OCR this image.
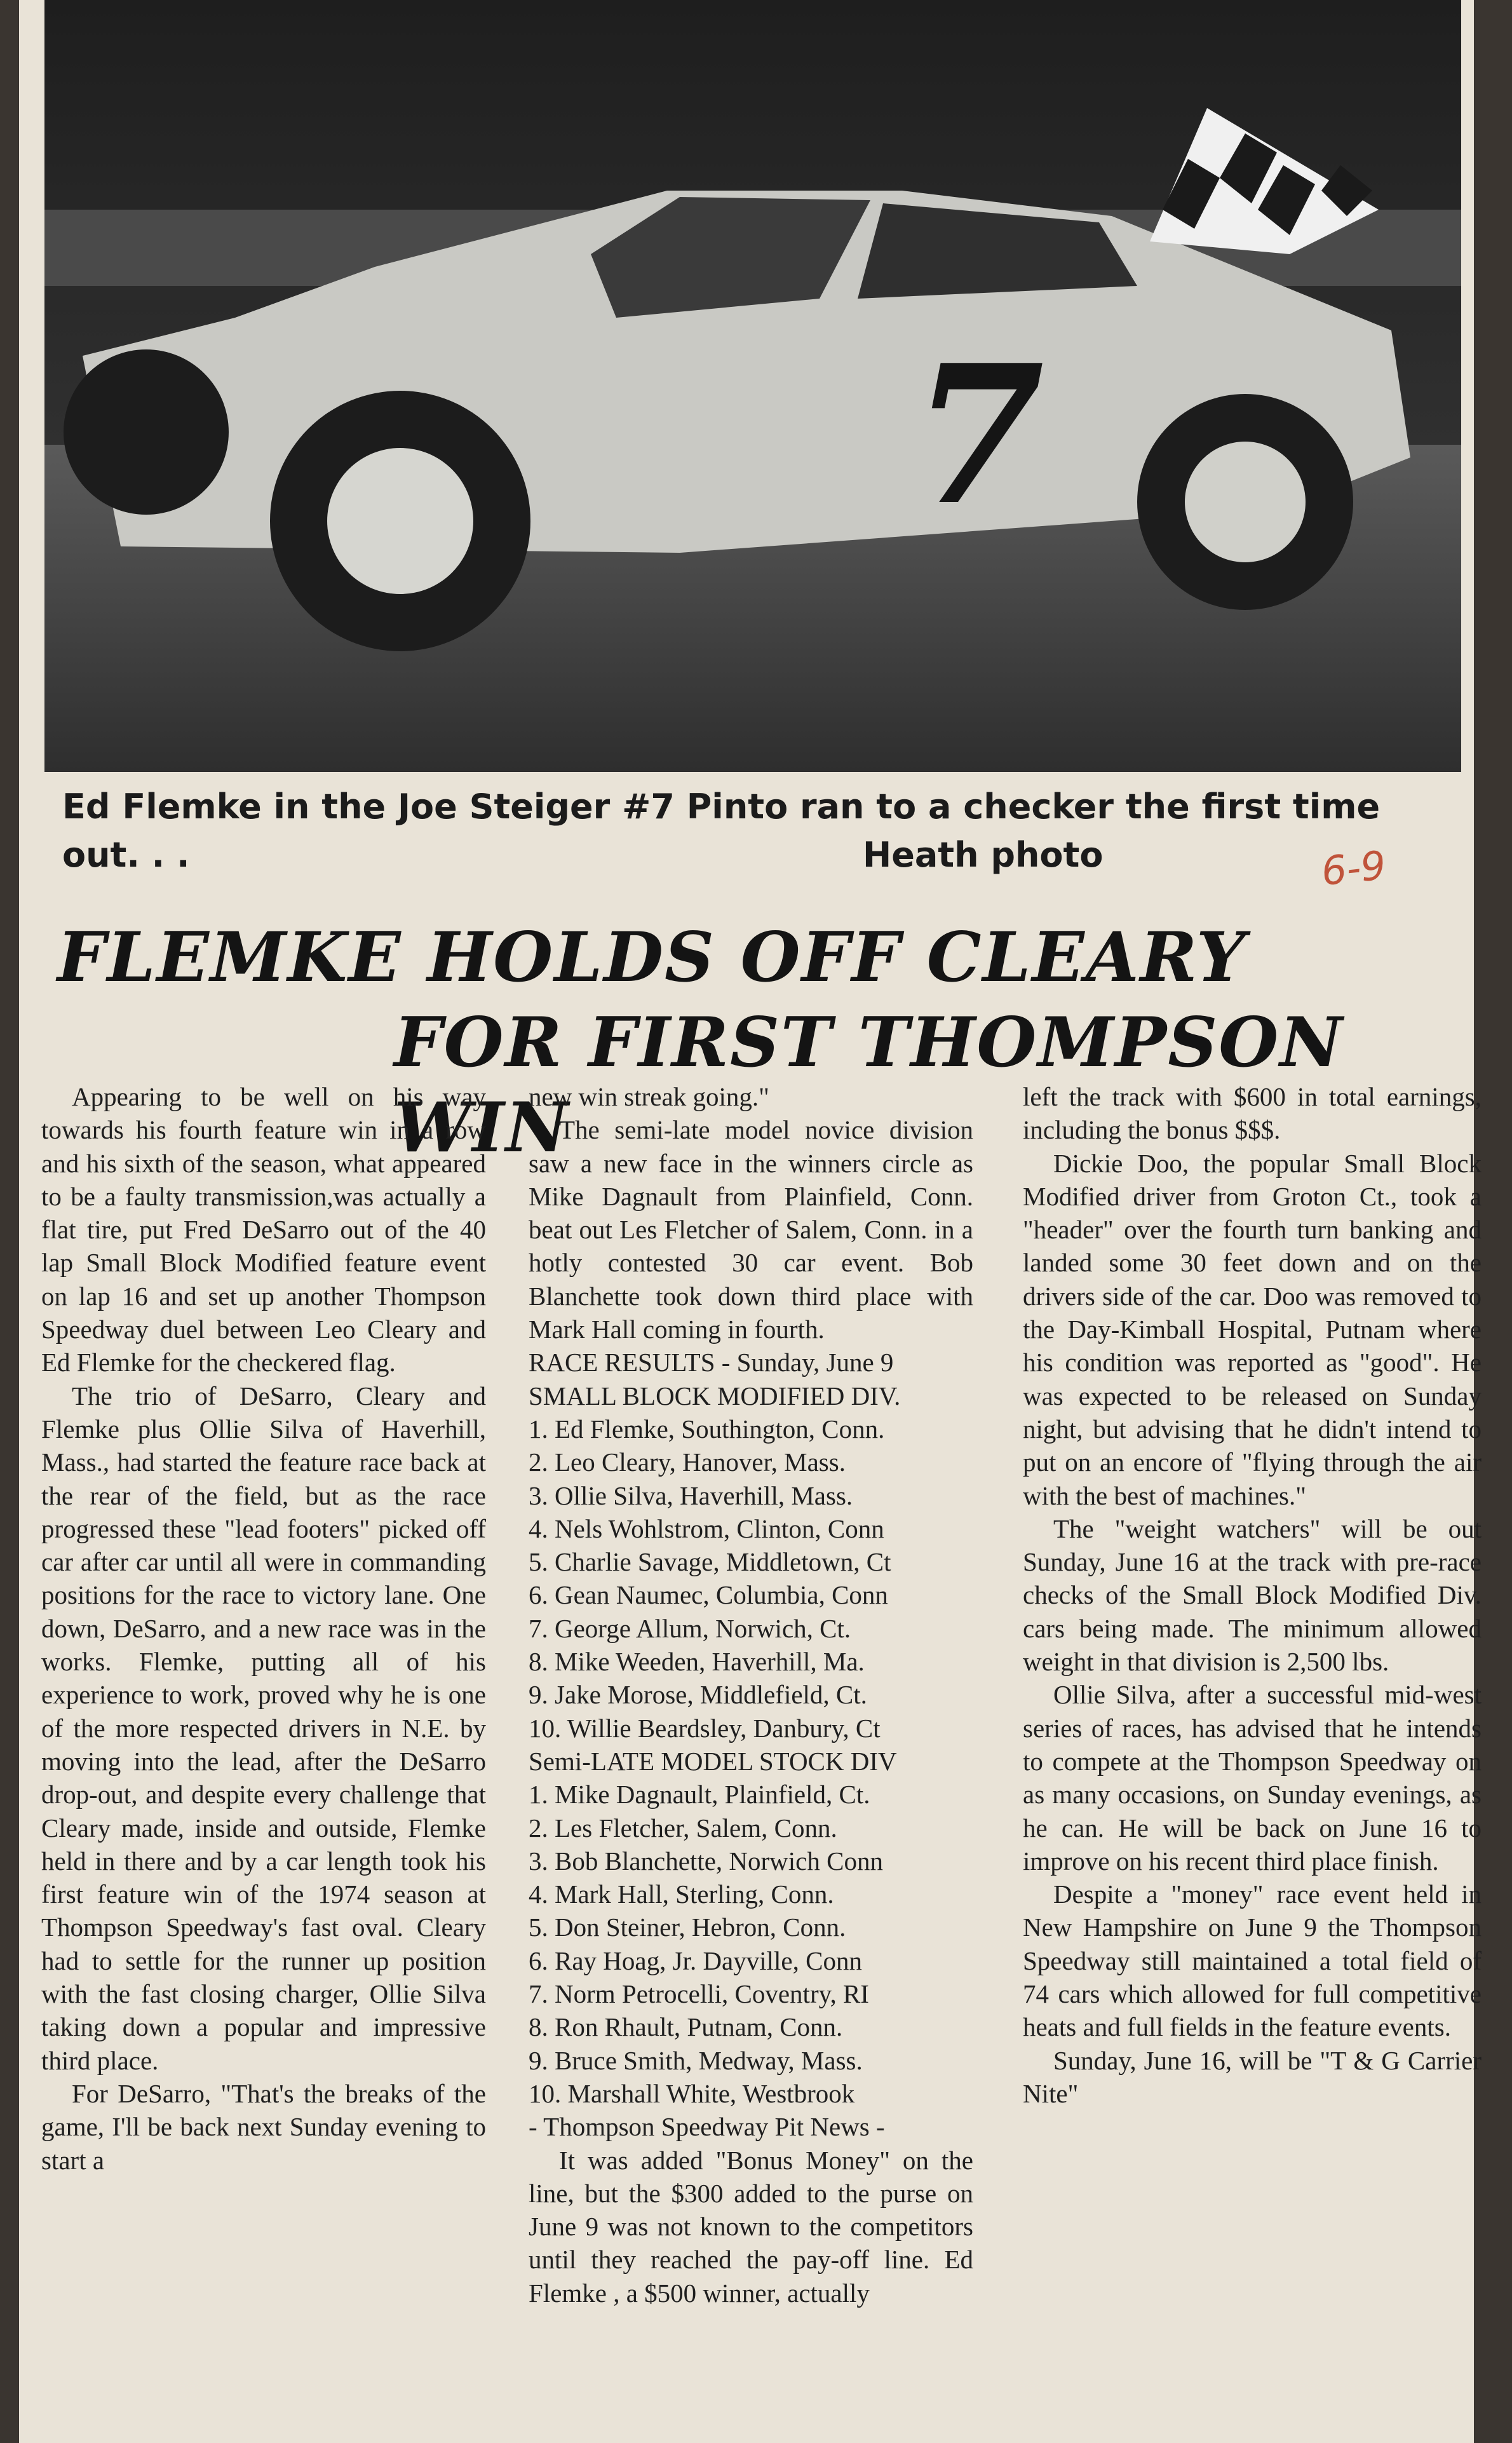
7
Ed Flemke in the Joe Steiger #7 Pinto ran to a checker the first time out. . .	Heath photo	6-9
FLEMKE HOLDS OFF CLEARY
FOR FIRST THOMPSON WIN

Appearing to be well on his way towards his fourth feature win in a row and his sixth of the season, what appeared to be a faulty transmission,was actually a flat tire, put Fred DeSarro out of the 40 lap Small Block Modified feature event on lap 16 and set up another Thompson Speedway duel between Leo Cleary and Ed Flemke for the checkered flag.

The trio of DeSarro, Cleary and Flemke plus Ollie Silva of Haverhill, Mass., had started the feature race back at the rear of the field, but as the race progressed these "lead footers" picked off car after car until all were in commanding positions for the race to victory lane. One down, DeSarro, and a new race was in the works. Flemke, putting all of his experience to work, proved why he is one of the more respected drivers in N.E. by moving into the lead, after the DeSarro drop-out, and despite every challenge that Cleary made, inside and outside, Flemke held in there and by a car length took his first feature win of the 1974 season at Thompson Speedway's fast oval. Cleary had to settle for the runner up position with the fast closing charger, Ollie Silva taking down a popular and impressive third place.

For DeSarro, "That's the breaks of the game, I'll be back next Sunday evening to start a

new win streak going."

The semi-late model novice division saw a new face in the winners circle as Mike Dagnault from Plainfield, Conn. beat out Les Fletcher of Salem, Conn. in a hotly contested 30 car event. Bob Blanchette took down third place with Mark Hall coming in fourth.

RACE RESULTS - Sunday, June 9
SMALL BLOCK MODIFIED DIV.
1. Ed Flemke, Southington, Conn.
2. Leo Cleary, Hanover, Mass.
3. Ollie Silva, Haverhill, Mass.
4. Nels Wohlstrom, Clinton, Conn
5. Charlie Savage, Middletown, Ct
6. Gean Naumec, Columbia, Conn
7. George Allum, Norwich, Ct.
8. Mike Weeden, Haverhill, Ma.
9. Jake Morose, Middlefield, Ct.
10. Willie Beardsley, Danbury, Ct
Semi-LATE MODEL STOCK DIV
1. Mike Dagnault, Plainfield, Ct.
2. Les Fletcher, Salem, Conn.
3. Bob Blanchette, Norwich Conn
4. Mark Hall, Sterling, Conn.
5. Don Steiner, Hebron, Conn.
6. Ray Hoag, Jr. Dayville, Conn
7. Norm Petrocelli, Coventry, RI
8. Ron Rhault, Putnam, Conn.
9. Bruce Smith, Medway, Mass.
10. Marshall White, Westbrook
- Thompson Speedway Pit News -

It was added "Bonus Money" on the line, but the $300 added to the purse on June 9 was not known to the competitors until they reached the pay-off line. Ed Flemke , a $500 winner, actually

left the track with $600 in total earnings, including the bonus $$$.

Dickie Doo, the popular Small Block Modified driver from Groton Ct., took a "header" over the fourth turn banking and landed some 30 feet down and on the drivers side of the car. Doo was removed to the Day-Kimball Hospital, Putnam where his condition was reported as "good". He was expected to be released on Sunday night, but advising that he didn't intend to put on an encore of "flying through the air with the best of machines."

The "weight watchers" will be out Sunday, June 16 at the track with pre-race checks of the Small Block Modified Div. cars being made. The minimum allowed weight in that division is 2,500 lbs.

Ollie Silva, after a successful mid-west series of races, has advised that he intends to compete at the Thompson Speedway on as many occasions, on Sunday evenings, as he can. He will be back on June 16 to improve on his recent third place finish.

Despite a "money" race event held in New Hampshire on June 9 the Thompson Speedway still maintained a total field of 74 cars which allowed for full competitive heats and full fields in the feature events.

Sunday, June 16, will be "T & G Carrier Nite"
